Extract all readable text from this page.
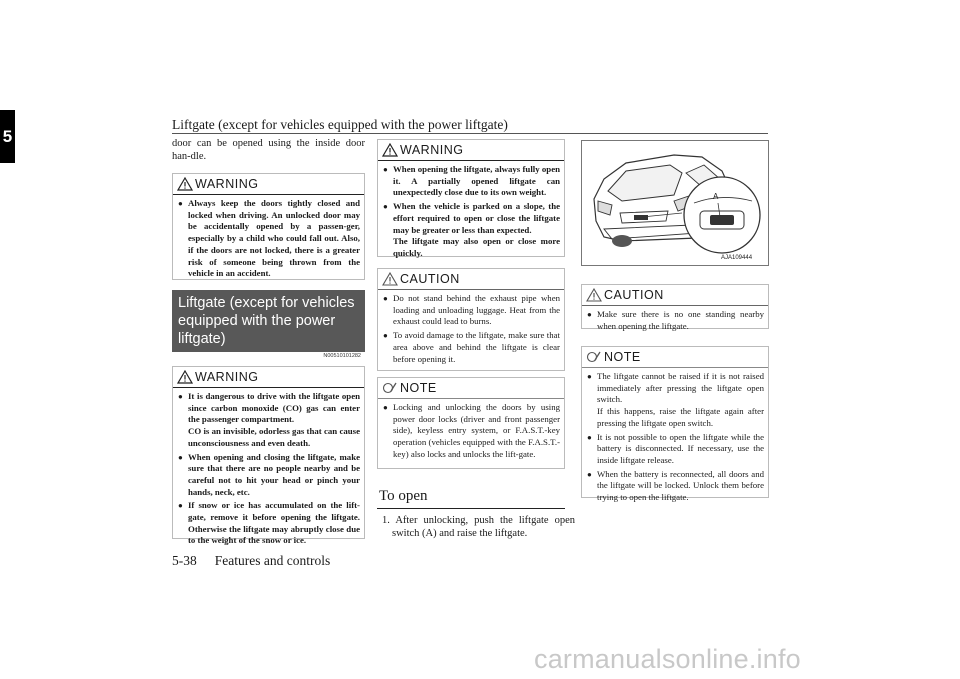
Liftgate (except for vehicles equipped with the power liftgate)
5	door can be opened using the inside door han-dle.
WARNING
● Always keep the doors tightly closed and locked when driving. An unlocked door may be accidentally opened by a passen-ger, especially by a child who could fall out. Also, if the doors are not locked, there is a greater risk of someone being thrown from the vehicle in an accident.
Liftgate (except for vehicles equipped with the power liftgate)
N00510101282
WARNING
● It is dangerous to drive with the liftgate open since carbon monoxide (CO) gas can enter the passenger compartment.
CO is an invisible, odorless gas that can cause unconsciousness and even death.
● When opening and closing the liftgate, make sure that there are no people nearby and be careful not to hit your head or pinch your hands, neck, etc.
● If snow or ice has accumulated on the lift-gate, remove it before opening the liftgate. Otherwise the liftgate may abruptly close due to the weight of the snow or ice.
WARNING
● When opening the liftgate, always fully open it. A partially opened liftgate can unexpectedly close due to its own weight.
● When the vehicle is parked on a slope, the effort required to open or close the liftgate may be greater or less than expected.
The liftgate may also open or close more quickly.
CAUTION
● Do not stand behind the exhaust pipe when loading and unloading luggage. Heat from the exhaust could lead to burns.
● To avoid damage to the liftgate, make sure that area above and behind the liftgate is clear before opening it.
NOTE
● Locking and unlocking the doors by using power door locks (driver and front passenger side), keyless entry system, or F.A.S.T.-key operation (vehicles equipped with the F.A.S.T.-key) also locks and unlocks the lift-gate.
To open
1. After unlocking, push the liftgate open switch (A) and raise the liftgate.
A
AJA109444
CAUTION
● Make sure there is no one standing nearby when opening the liftgate.
NOTE
● The liftgate cannot be raised if it is not raised immediately after pressing the liftgate open switch.
If this happens, raise the liftgate again after pressing the liftgate open switch.
● It is not possible to open the liftgate while the battery is disconnected. If necessary, use the inside liftgate release.
● When the battery is reconnected, all doors and the liftgate will be locked. Unlock them before trying to open the liftgate.
5-38 Features and controls
carmanualsonline.info
